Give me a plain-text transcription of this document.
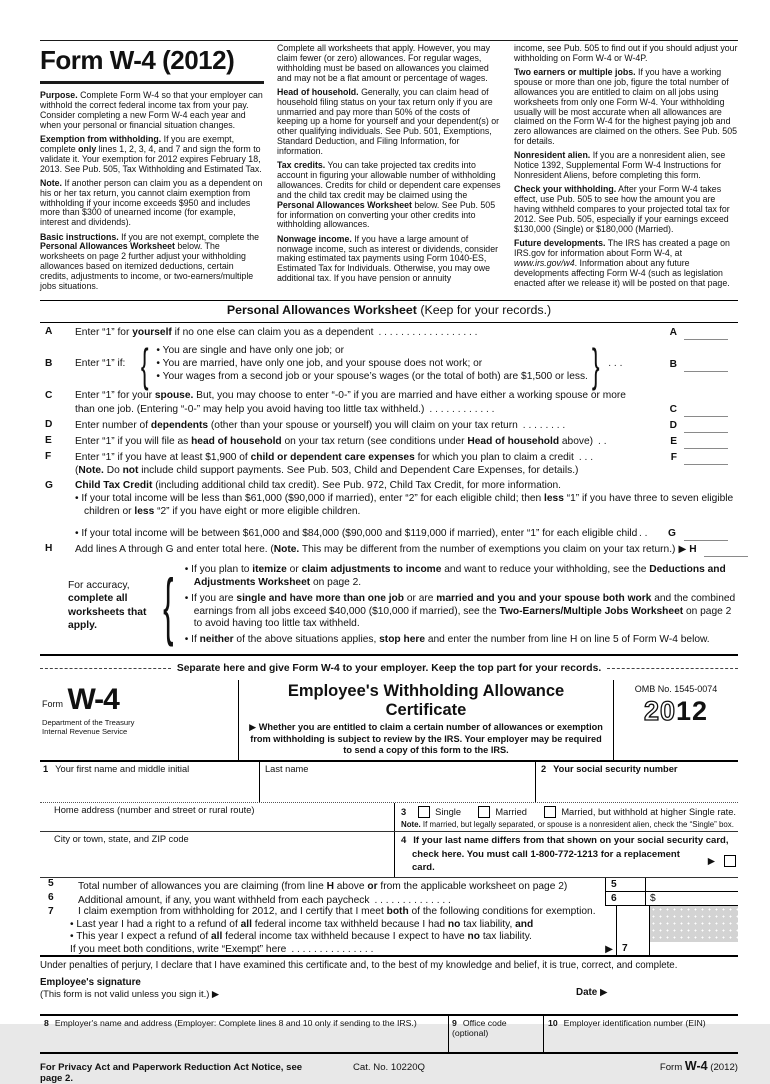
Form W-4 (2012)

Purpose. Complete Form W-4 so that your employer can withhold the correct federal income tax from your pay. Consider completing a new Form W-4 each year and when your personal or financial situation changes.

Exemption from withholding. If you are exempt, complete only lines 1, 2, 3, 4, and 7 and sign the form to validate it. Your exemption for 2012 expires February 18, 2013. See Pub. 505, Tax Withholding and Estimated Tax.

Note. If another person can claim you as a dependent on his or her tax return, you cannot claim exemption from withholding if your income exceeds $950 and includes more than $300 of unearned income (for example, interest and dividends).

Basic instructions. If you are not exempt, complete the Personal Allowances Worksheet below. The worksheets on page 2 further adjust your withholding allowances based on itemized deductions, certain credits, adjustments to income, or two-earners/multiple jobs situations.

Complete all worksheets that apply. However, you may claim fewer (or zero) allowances. For regular wages, withholding must be based on allowances you claimed and may not be a flat amount or percentage of wages.

Head of household. Generally, you can claim head of household filing status on your tax return only if you are unmarried and pay more than 50% of the costs of keeping up a home for yourself and your dependent(s) or other qualifying individuals. See Pub. 501, Exemptions, Standard Deduction, and Filing Information, for information.

Tax credits. You can take projected tax credits into account in figuring your allowable number of withholding allowances. Credits for child or dependent care expenses and the child tax credit may be claimed using the Personal Allowances Worksheet below. See Pub. 505 for information on converting your other credits into withholding allowances.

Nonwage income. If you have a large amount of nonwage income, such as interest or dividends, consider making estimated tax payments using Form 1040-ES, Estimated Tax for Individuals. Otherwise, you may owe additional tax. If you have pension or annuity

income, see Pub. 505 to find out if you should adjust your withholding on Form W-4 or W-4P.

Two earners or multiple jobs. If you have a working spouse or more than one job, figure the total number of allowances you are entitled to claim on all jobs using worksheets from only one Form W-4. Your withholding usually will be most accurate when all allowances are claimed on the Form W-4 for the highest paying job and zero allowances are claimed on the others. See Pub. 505 for details.

Nonresident alien. If you are a nonresident alien, see Notice 1392, Supplemental Form W-4 Instructions for Nonresident Aliens, before completing this form.

Check your withholding. After your Form W-4 takes effect, use Pub. 505 to see how the amount you are having withheld compares to your projected total tax for 2012. See Pub. 505, especially if your earnings exceed $130,000 (Single) or $180,000 (Married).

Future developments. The IRS has created a page on IRS.gov for information about Form W-4, at www.irs.gov/w4. Information about any future developments affecting Form W-4 (such as legislation enacted after we release it) will be posted on that page.

Personal Allowances Worksheet (Keep for your records.)
A	Enter “1” for yourself if no one else can claim you as a dependent . . . . . . . . . . . . . . . . . .	A
B	Enter “1” if: { • You are single and have only one job; or
• You are married, have only one job, and your spouse does not work; or
• Your wages from a second job or your spouse’s wages (or the total of both) are $1,500 or less. } . . .	B
C	Enter “1” for your spouse. But, you may choose to enter “-0-” if you are married and have either a working spouse or more
than one job. (Entering “-0-” may help you avoid having too little tax withheld.) . . . . . . . . . . . .	C
D	Enter number of dependents (other than your spouse or yourself) you will claim on your tax return . . . . . . . .	D
E	Enter “1” if you will file as head of household on your tax return (see conditions under Head of household above) . .	E
F	Enter “1” if you have at least $1,900 of child or dependent care expenses for which you plan to claim a credit . . .	F
(Note. Do not include child support payments. See Pub. 503, Child and Dependent Care Expenses, for details.)
G	Child Tax Credit (including additional child tax credit). See Pub. 972, Child Tax Credit, for more information.
• If your total income will be less than $61,000 ($90,000 if married), enter “2” for each eligible child; then less “1” if you have three to seven eligible children or less “2” if you have eight or more eligible children.
• If your total income will be between $61,000 and $84,000 ($90,000 and $119,000 if married), enter “1” for each eligible child
. . .	G
H	Add lines A through G and enter total here. (Note. This may be different from the number of exemptions you claim on your tax return.) ▶ H
For accuracy, complete all worksheets that apply. { • If you plan to itemize or claim adjustments to income and want to reduce your withholding, see the Deductions and Adjustments Worksheet on page 2.
• If you are single and have more than one job or are married and you and your spouse both work and the combined earnings from all jobs exceed $40,000 ($10,000 if married), see the Two-Earners/Multiple Jobs Worksheet on page 2 to avoid having too little tax withheld.
• If neither of the above situations applies, stop here and enter the number from line H on line 5 of Form W-4 below.
Separate here and give Form W-4 to your employer. Keep the top part for your records.
Form W-4
Department of the Treasury
Internal Revenue Service
Employee's Withholding Allowance Certificate
▶ Whether you are entitled to claim a certain number of allowances or exemption from withholding is subject to review by the IRS. Your employer may be required to send a copy of this form to the IRS.
OMB No. 1545-0074
2012
1 Your first name and middle initial	Last name	2 Your social security number
Home address (number and street or rural route)	3	Single	Married	Married, but withhold at higher Single rate.
Note. If married, but legally separated, or spouse is a nonresident alien, check the “Single” box.
City or town, state, and ZIP code	4 If your last name differs from that shown on your social security card,
check here. You must call 1-800-772-1213 for a replacement card.
▶
5	Total number of allowances you are claiming (from line H above or from the applicable worksheet on page 2)	5
6	Additional amount, if any, you want withheld from each paycheck . . . . . . . . . . . . . .	6	$
7	I claim exemption from withholding for 2012, and I certify that I meet both of the following conditions for exemption.
• Last year I had a right to a refund of all federal income tax withheld because I had no tax liability, and
• This year I expect a refund of all federal income tax withheld because I expect to have no tax liability.
If you meet both conditions, write “Exempt” here . . . . . . . . . . . . . . .	▶ 7
Under penalties of perjury, I declare that I have examined this certificate and, to the best of my knowledge and belief, it is true, correct, and complete.
Employee's signature
(This form is not valid unless you sign it.) ▶	Date ▶
8 Employer's name and address (Employer: Complete lines 8 and 10 only if sending to the IRS.)	9 Office code (optional)
10 Employer identification number (EIN)
For Privacy Act and Paperwork Reduction Act Notice, see page 2.
Cat. No. 10220Q	Form W-4 (2012)
